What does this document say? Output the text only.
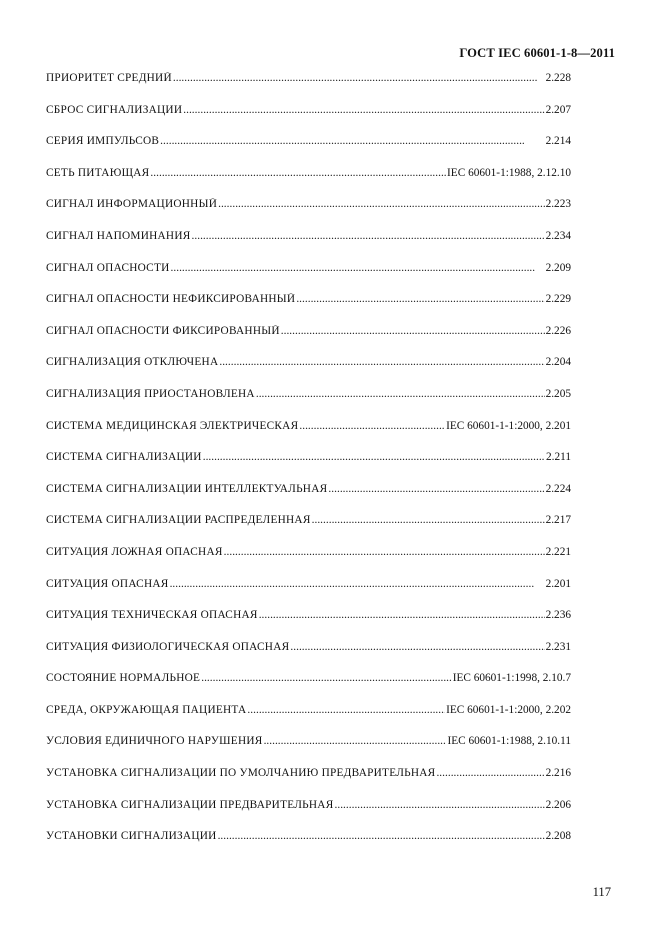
ГОСТ IEC 60601-1-8—2011
ПРИОРИТЕТ СРЕДНИЙ . . .	2.228
СБРОС СИГНАЛИЗАЦИИ . . .	2.207
СЕРИЯ ИМПУЛЬСОВ . . .	2.214
СЕТЬ ПИТАЮЩАЯ . . .	IEC 60601-1:1988, 2.12.10
СИГНАЛ ИНФОРМАЦИОННЫЙ . . .	2.223
СИГНАЛ НАПОМИНАНИЯ . . .	2.234
СИГНАЛ ОПАСНОСТИ . . .	2.209
СИГНАЛ ОПАСНОСТИ НЕФИКСИРОВАННЫЙ . . .	2.229
СИГНАЛ ОПАСНОСТИ ФИКСИРОВАННЫЙ . . .	2.226
СИГНАЛИЗАЦИЯ ОТКЛЮЧЕНА . . .	2.204
СИГНАЛИЗАЦИЯ ПРИОСТАНОВЛЕНА . . .	2.205
СИСТЕМА МЕДИЦИНСКАЯ ЭЛЕКТРИЧЕСКАЯ . . .	IEC 60601-1-1:2000, 2.201
СИСТЕМА СИГНАЛИЗАЦИИ . . .	2.211
СИСТЕМА СИГНАЛИЗАЦИИ ИНТЕЛЛЕКТУАЛЬНАЯ . . .	2.224
СИСТЕМА СИГНАЛИЗАЦИИ РАСПРЕДЕЛЕННАЯ . . .	2.217
СИТУАЦИЯ ЛОЖНАЯ ОПАСНАЯ . . .	2.221
СИТУАЦИЯ ОПАСНАЯ . . .	2.201
СИТУАЦИЯ ТЕХНИЧЕСКАЯ ОПАСНАЯ . . .	2.236
СИТУАЦИЯ ФИЗИОЛОГИЧЕСКАЯ ОПАСНАЯ . . .	2.231
СОСТОЯНИЕ НОРМАЛЬНОЕ . . .	IEC 60601-1:1998, 2.10.7
СРЕДА, ОКРУЖАЮЩАЯ ПАЦИЕНТА . . .	IEC 60601-1-1:2000, 2.202
УСЛОВИЯ ЕДИНИЧНОГО НАРУШЕНИЯ . . .	IEC 60601-1:1988, 2.10.11
УСТАНОВКА СИГНАЛИЗАЦИИ ПО УМОЛЧАНИЮ ПРЕДВАРИТЕЛЬНАЯ . . .	2.216
УСТАНОВКА СИГНАЛИЗАЦИИ ПРЕДВАРИТЕЛЬНАЯ . . .	2.206
УСТАНОВКИ СИГНАЛИЗАЦИИ . . .	2.208
117
